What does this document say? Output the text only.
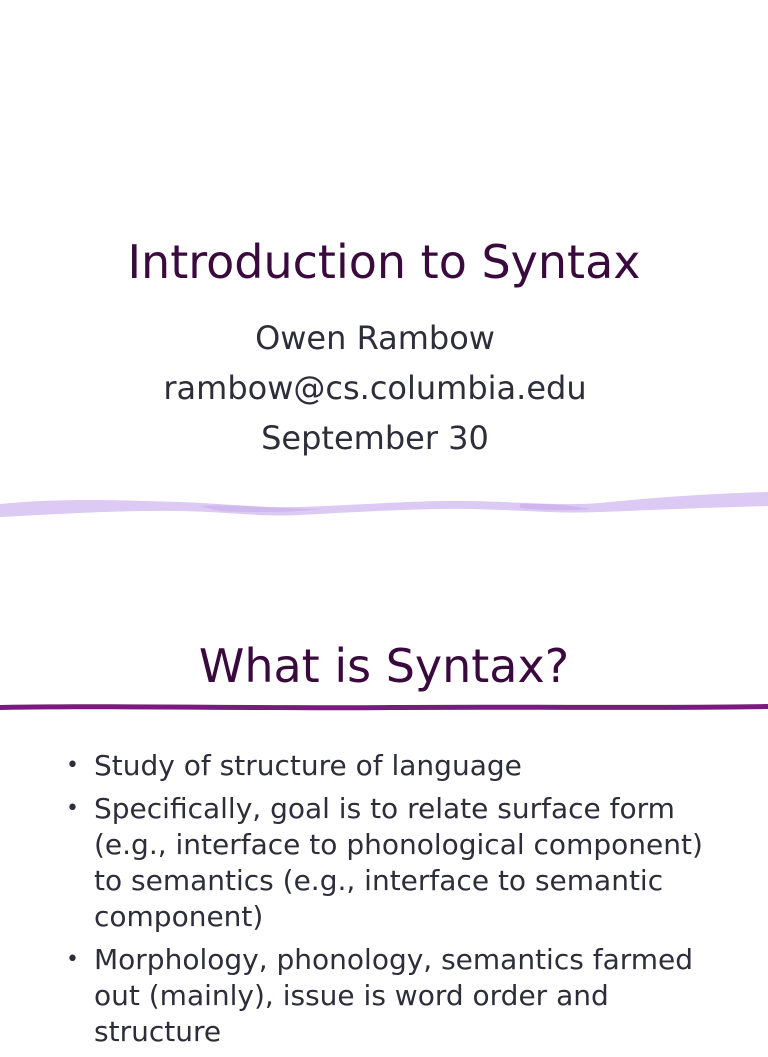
Introduction to Syntax
Owen Rambow
rambow@cs.columbia.edu
September 30
What is Syntax?
• Study of structure of language
• Specifically, goal is to relate surface form (e.g., interface to phonological component) to semantics (e.g., interface to semantic component)
• Morphology, phonology, semantics farmed out (mainly), issue is word order and structure
